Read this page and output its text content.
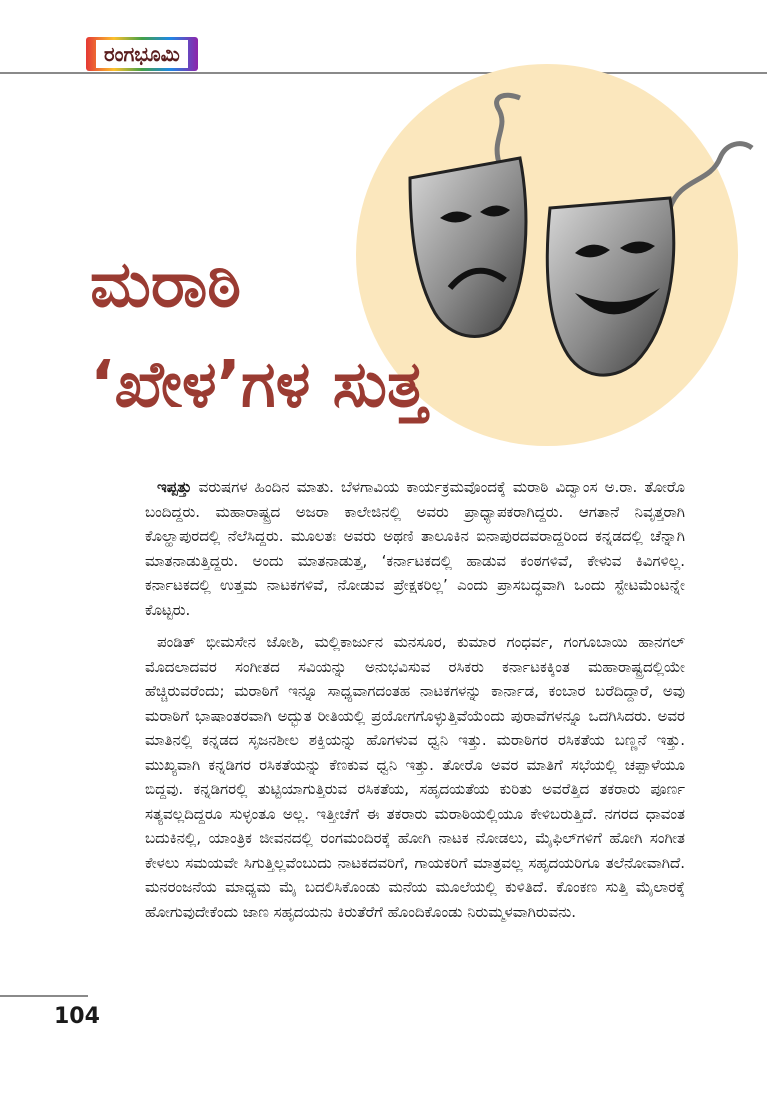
ರಂಗಭೂಮಿ
ಮರಾಠಿ
‘ಖೇಳ’ಗಳ ಸುತ್ತ

ಇಪ್ಪತ್ತು ವರುಷಗಳ ಹಿಂದಿನ ಮಾತು. ಬೆಳಗಾವಿಯ ಕಾರ್ಯಕ್ರಮವೊಂದಕ್ಕೆ ಮರಾಠಿ ವಿದ್ವಾಂಸ ಅ.ರಾ. ತೋರೊ ಬಂದಿದ್ದರು. ಮಹಾರಾಷ್ಟ್ರದ ಅಜರಾ ಕಾಲೇಜಿನಲ್ಲಿ ಅವರು ಪ್ರಾಧ್ಯಾಪಕರಾಗಿದ್ದರು. ಆಗತಾನೆ ನಿವೃತ್ತರಾಗಿ ಕೊಲ್ಹಾಪುರದಲ್ಲಿ ನೆಲೆಸಿದ್ದರು. ಮೂಲತಃ ಅವರು ಅಥಣಿ ತಾಲೂಕಿನ ಐನಾಪುರದವರಾದ್ದರಿಂದ ಕನ್ನಡದಲ್ಲಿ ಚೆನ್ನಾಗಿ ಮಾತನಾಡುತ್ತಿದ್ದರು. ಅಂದು ಮಾತನಾಡುತ್ತ, ‘ಕರ್ನಾಟಕದಲ್ಲಿ ಹಾಡುವ ಕಂಠಗಳಿವೆ, ಕೇಳುವ ಕಿವಿಗಳಿಲ್ಲ. ಕರ್ನಾಟಕದಲ್ಲಿ ಉತ್ತಮ ನಾಟಕಗಳಿವೆ, ನೋಡುವ ಪ್ರೇಕ್ಷಕರಿಲ್ಲ’ ಎಂದು ಪ್ರಾಸಬದ್ಧವಾಗಿ ಒಂದು ಸ್ಟೇಟಮೆಂಟನ್ನೇ ಕೊಟ್ಟರು.

ಪಂಡಿತ್ ಭೀಮಸೇನ ಜೋಶಿ, ಮಲ್ಲಿಕಾರ್ಜುನ ಮನಸೂರ, ಕುಮಾರ ಗಂಧರ್ವ, ಗಂಗೂಬಾಯಿ ಹಾನಗಲ್ ಮೊದಲಾದವರ ಸಂಗೀತದ ಸವಿಯನ್ನು ಅನುಭವಿಸುವ ರಸಿಕರು ಕರ್ನಾಟಕಕ್ಕಿಂತ ಮಹಾರಾಷ್ಟ್ರದಲ್ಲಿಯೇ ಹೆಚ್ಚಿರುವರೆಂದು; ಮರಾಠಿಗೆ ಇನ್ನೂ ಸಾಧ್ಯವಾಗದಂತಹ ನಾಟಕಗಳನ್ನು ಕಾರ್ನಾಡ, ಕಂಬಾರ ಬರೆದಿದ್ದಾರೆ, ಅವು ಮರಾಠಿಗೆ ಭಾಷಾಂತರವಾಗಿ ಅದ್ಭುತ ರೀತಿಯಲ್ಲಿ ಪ್ರಯೋಗಗೊಳ್ಳುತ್ತಿವೆಯೆಂದು ಪುರಾವೆಗಳನ್ನೂ ಒದಗಿಸಿದರು. ಅವರ ಮಾತಿನಲ್ಲಿ ಕನ್ನಡದ ಸೃಜನಶೀಲ ಶಕ್ತಿಯನ್ನು ಹೊಗಳುವ ಧ್ವನಿ ಇತ್ತು. ಮರಾಠಿಗರ ರಸಿಕತೆಯ ಬಣ್ಣನೆ ಇತ್ತು. ಮುಖ್ಯವಾಗಿ ಕನ್ನಡಿಗರ ರಸಿಕತೆಯನ್ನು ಕೆಣಕುವ ಧ್ವನಿ ಇತ್ತು. ತೋರೊ ಅವರ ಮಾತಿಗೆ ಸಭೆಯಲ್ಲಿ ಚಪ್ಪಾಳೆಯೂ ಬಿದ್ದವು. ಕನ್ನಡಿಗರಲ್ಲಿ ತುಟ್ಟಿಯಾಗುತ್ತಿರುವ ರಸಿಕತೆಯ, ಸಹೃದಯತೆಯ ಕುರಿತು ಅವರೆತ್ತಿದ ತಕರಾರು ಪೂರ್ಣ ಸತ್ಯವಲ್ಲದಿದ್ದರೂ ಸುಳ್ಳಂತೂ ಅಲ್ಲ. ಇತ್ತೀಚೆಗೆ ಈ ತಕರಾರು ಮರಾಠಿಯಲ್ಲಿಯೂ ಕೇಳಿಬರುತ್ತಿದೆ. ನಗರದ ಧಾವಂತ ಬದುಕಿನಲ್ಲಿ, ಯಾಂತ್ರಿಕ ಜೀವನದಲ್ಲಿ ರಂಗಮಂದಿರಕ್ಕೆ ಹೋಗಿ ನಾಟಕ ನೋಡಲು, ಮೈಫಿಲ್‌ಗಳಿಗೆ ಹೋಗಿ ಸಂಗೀತ ಕೇಳಲು ಸಮಯವೇ ಸಿಗುತ್ತಿಲ್ಲವೆಂಬುದು ನಾಟಕದವರಿಗೆ, ಗಾಯಕರಿಗೆ ಮಾತ್ರವಲ್ಲ ಸಹೃದಯರಿಗೂ ತಲೆನೋವಾಗಿದೆ. ಮನರಂಜನೆಯ ಮಾಧ್ಯಮ ಮೈ ಬದಲಿಸಿಕೊಂಡು ಮನೆಯ ಮೂಲೆಯಲ್ಲಿ ಕುಳಿತಿದೆ. ಕೊಂಕಣ ಸುತ್ತಿ ಮೈಲಾರಕ್ಕೆ ಹೋಗುವುದೇಕೆಂದು ಜಾಣ ಸಹೃದಯನು ಕಿರುತೆರೆಗೆ ಹೊಂದಿಕೊಂಡು ನಿರುಮ್ಮಳವಾಗಿರುವನು.

104
